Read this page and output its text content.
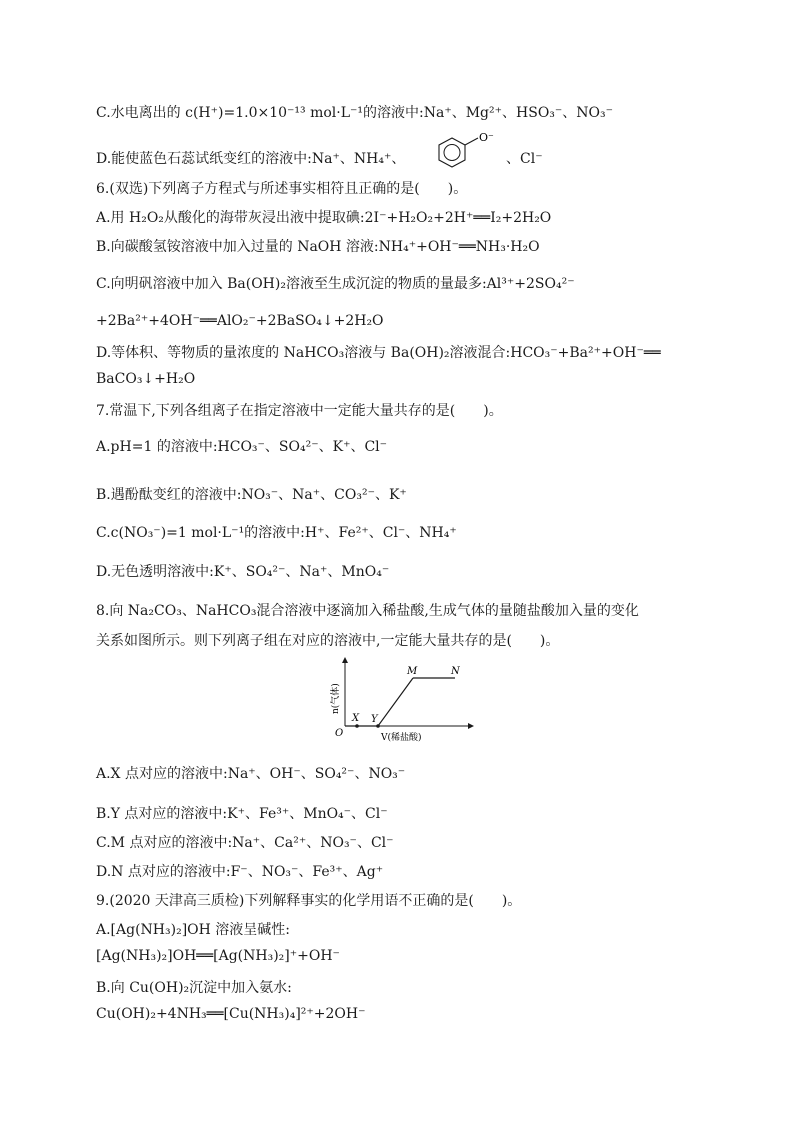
C.水电离出的 c(H⁺)=1.0×10⁻¹³ mol·L⁻¹的溶液中:Na⁺、Mg²⁺、HSO₃⁻、NO₃⁻
D.能使蓝色石蕊试纸变红的溶液中:Na⁺、NH₄⁺、	、Cl⁻
6.(双选)下列离子方程式与所述事实相符且正确的是(　　)。
A.用 H₂O₂从酸化的海带灰浸出液中提取碘:2I⁻+H₂O₂+2H⁺══I₂+2H₂O
B.向碳酸氢铵溶液中加入过量的 NaOH 溶液:NH₄⁺+OH⁻══NH₃·H₂O
C.向明矾溶液中加入 Ba(OH)₂溶液至生成沉淀的物质的量最多:Al³⁺+2SO₄²⁻
+2Ba²⁺+4OH⁻══AlO₂⁻+2BaSO₄↓+2H₂O
D.等体积、等物质的量浓度的 NaHCO₃溶液与 Ba(OH)₂溶液混合:HCO₃⁻+Ba²⁺+OH⁻══
BaCO₃↓+H₂O
7.常温下,下列各组离子在指定溶液中一定能大量共存的是(　　)。
A.pH=1 的溶液中:HCO₃⁻、SO₄²⁻、K⁺、Cl⁻
B.遇酚酞变红的溶液中:NO₃⁻、Na⁺、CO₃²⁻、K⁺
C.c(NO₃⁻)=1 mol·L⁻¹的溶液中:H⁺、Fe²⁺、Cl⁻、NH₄⁺
D.无色透明溶液中:K⁺、SO₄²⁻、Na⁺、MnO₄⁻
8.向 Na₂CO₃、NaHCO₃混合溶液中逐滴加入稀盐酸,生成气体的量随盐酸加入量的变化
关系如图所示。则下列离子组在对应的溶液中,一定能大量共存的是(　　)。
A.X 点对应的溶液中:Na⁺、OH⁻、SO₄²⁻、NO₃⁻
B.Y 点对应的溶液中:K⁺、Fe³⁺、MnO₄⁻、Cl⁻
C.M 点对应的溶液中:Na⁺、Ca²⁺、NO₃⁻、Cl⁻
D.N 点对应的溶液中:F⁻、NO₃⁻、Fe³⁺、Ag⁺
9.(2020 天津高三质检)下列解释事实的化学用语不正确的是(　　)。
A.[Ag(NH₃)₂]OH 溶液呈碱性:
[Ag(NH₃)₂]OH══[Ag(NH₃)₂]⁺+OH⁻
B.向 Cu(OH)₂沉淀中加入氨水:
Cu(OH)₂+4NH₃══[Cu(NH₃)₄]²⁺+2OH⁻
O⁻
X Y
M	N
O	V(稀盐酸)
n(气体)
